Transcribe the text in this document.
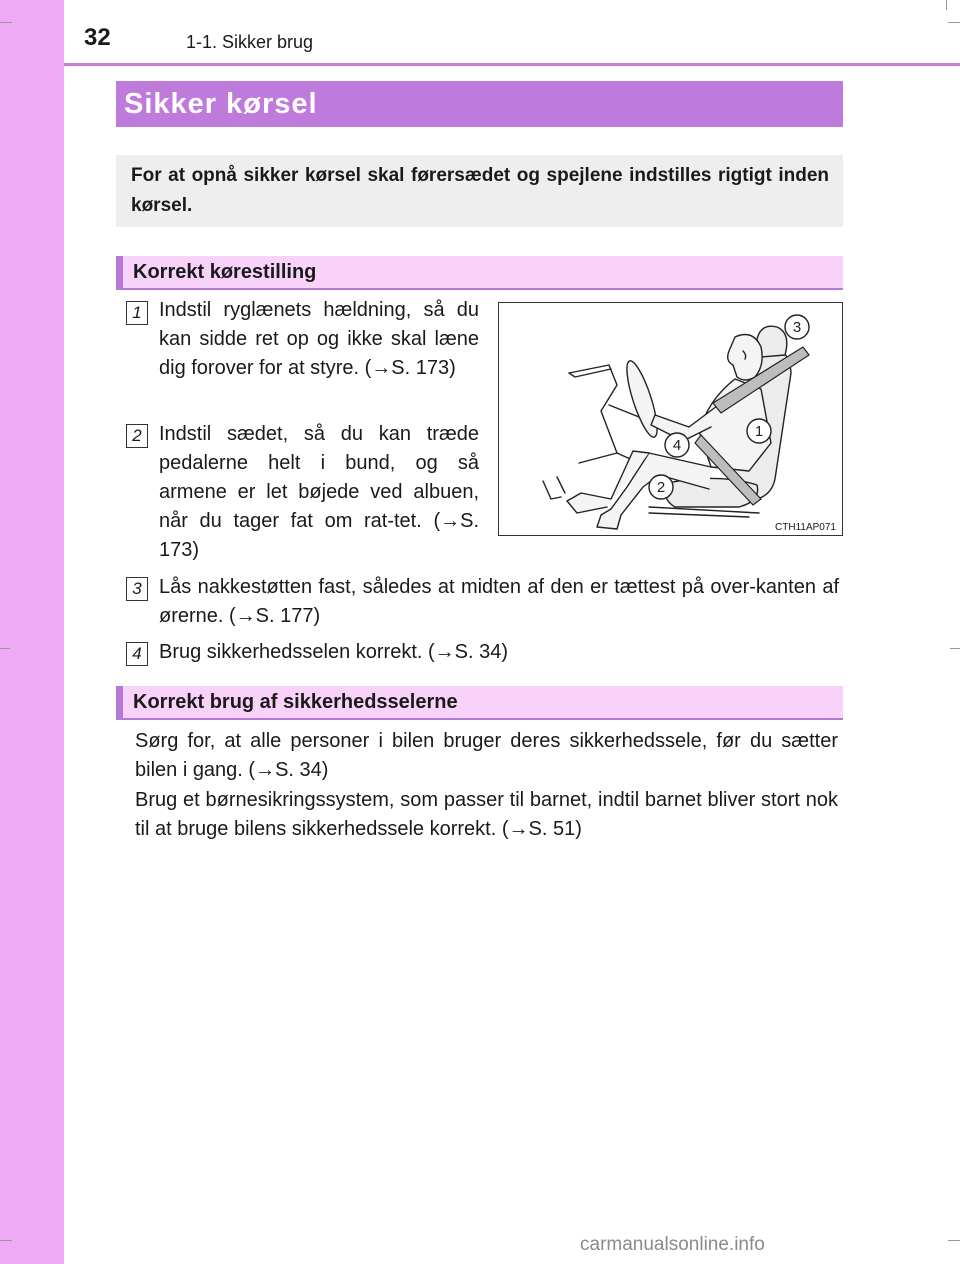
32	1-1. Sikker brug
Sikker kørsel
For at opnå sikker kørsel skal førersædet og spejlene indstilles rigtigt inden kørsel.
Korrekt kørestilling
1 Indstil ryglænets hældning, så du kan sidde ret op og ikke skal læne dig forover for at styre. (→S. 173)
2 Indstil sædet, så du kan træde pedalerne helt i bund, og så armene er let bøjede ved albuen, når du tager fat om rat-tet. (→S. 173)
3
1
4
2
CTH11AP071
3 Lås nakkestøtten fast, således at midten af den er tættest på over-kanten af ørerne. (→S. 177)
4 Brug sikkerhedsselen korrekt. (→S. 34)
Korrekt brug af sikkerhedsselerne
Sørg for, at alle personer i bilen bruger deres sikkerhedssele, før du sætter bilen i gang. (→S. 34)
Brug et børnesikringssystem, som passer til barnet, indtil barnet bliver stort nok til at bruge bilens sikkerhedssele korrekt. (→S. 51)
carmanualsonline.info
